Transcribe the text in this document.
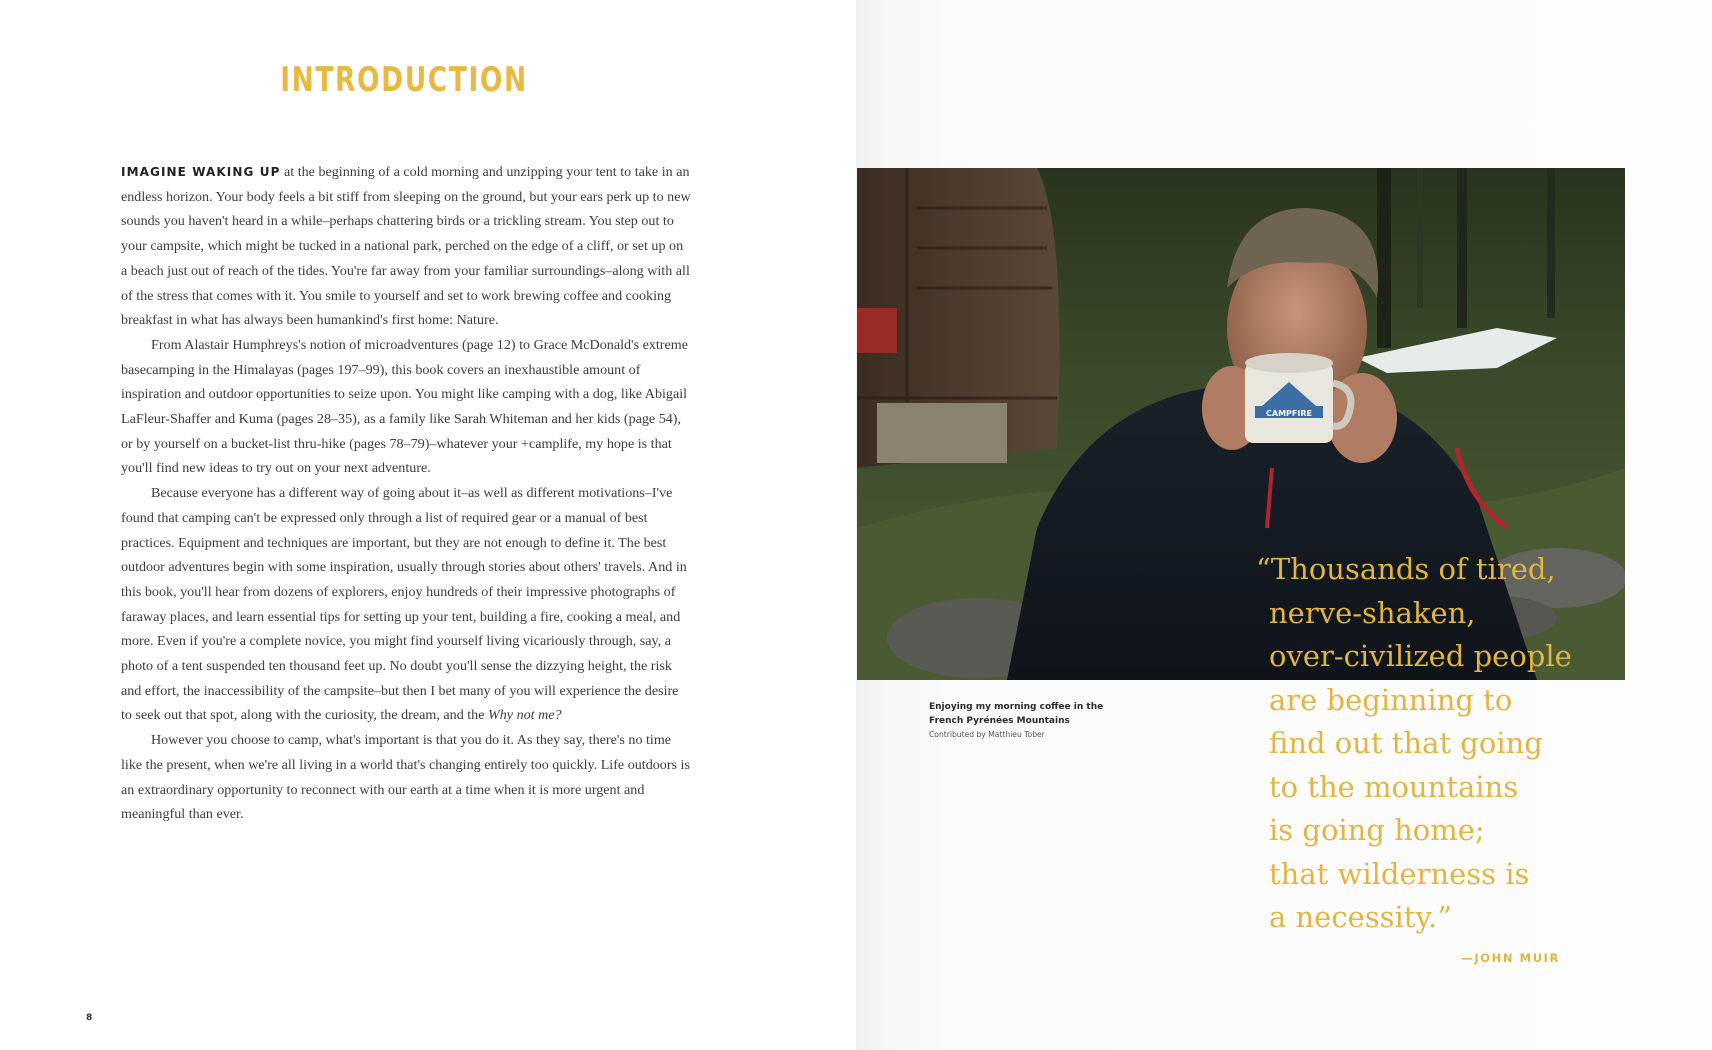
INTRODUCTION

IMAGINE WAKING UP at the beginning of a cold morning and unzipping your tent to take in an endless horizon. Your body feels a bit stiff from sleeping on the ground, but your ears perk up to new sounds you haven't heard in a while–perhaps chattering birds or a trickling stream. You step out to your campsite, which might be tucked in a national park, perched on the edge of a cliff, or set up on a beach just out of reach of the tides. You're far away from your familiar surroundings–along with all of the stress that comes with it. You smile to yourself and set to work brewing coffee and cooking breakfast in what has always been humankind's first home: Nature.

From Alastair Humphreys's notion of microadventures (page 12) to Grace McDonald's extreme basecamping in the Himalayas (pages 197–99), this book covers an inexhaustible amount of inspiration and outdoor opportunities to seize upon. You might like camping with a dog, like Abigail LaFleur-Shaffer and Kuma (pages 28–35), as a family like Sarah Whiteman and her kids (page 54), or by yourself on a bucket-list thru-hike (pages 78–79)–whatever your +camplife, my hope is that you'll find new ideas to try out on your next adventure.

Because everyone has a different way of going about it–as well as different motivations–I've found that camping can't be expressed only through a list of required gear or a manual of best practices. Equipment and techniques are important, but they are not enough to define it. The best outdoor adventures begin with some inspiration, usually through stories about others' travels. And in this book, you'll hear from dozens of explorers, enjoy hundreds of their impressive photographs of faraway places, and learn essential tips for setting up your tent, building a fire, cooking a meal, and more. Even if you're a complete novice, you might find yourself living vicariously through, say, a photo of a tent suspended ten thousand feet up. No doubt you'll sense the dizzying height, the risk and effort, the inaccessibility of the campsite–but then I bet many of you will experience the desire to seek out that spot, along with the curiosity, the dream, and the Why not me?

However you choose to camp, what's important is that you do it. As they say, there's no time like the present, when we're all living in a world that's changing entirely too quickly. Life outdoors is an extraordinary opportunity to reconnect with our earth at a time when it is more urgent and meaningful than ever.

8
CAMPFIRE
Enjoying my morning coffee in the
French Pyrénées Mountains
Contributed by Matthieu Tober
“Thousands of tired,
nerve-shaken,
over-civilized people
are beginning to
find out that going
to the mountains
is going home;
that wilderness is
a necessity.”
—JOHN MUIR
